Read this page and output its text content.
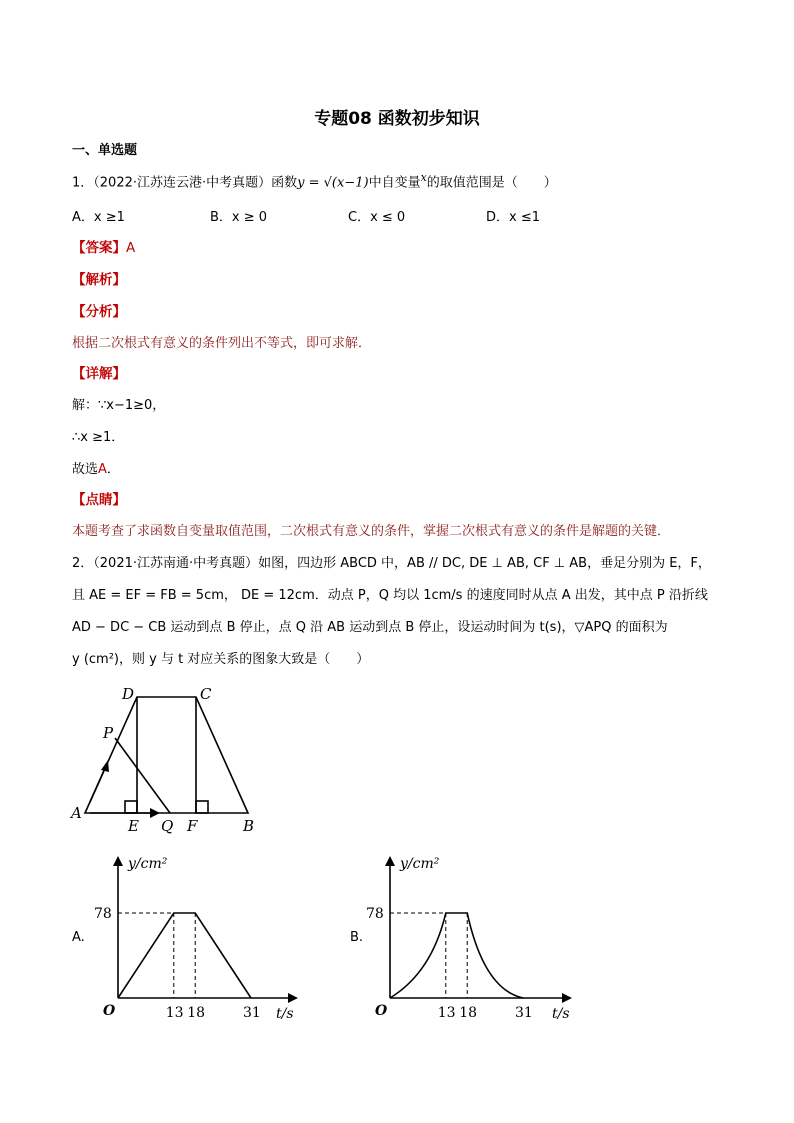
专题08 函数初步知识
一、单选题
1．（2022·江苏连云港·中考真题）函数y = √(x−1)中自变量$^x$的取值范围是（　　）
A．x ≥1	B．x ≥ 0	C．x ≤ 0	D．x ≤1
【答案】A
【解析】
【分析】
根据二次根式有意义的条件列出不等式，即可求解．
【详解】
解：∵x−1≥0，
∴x ≥1．
故选A．
【点睛】
本题考查了求函数自变量取值范围，二次根式有意义的条件，掌握二次根式有意义的条件是解题的关键．
2．（2021·江苏南通·中考真题）如图，四边形 ABCD 中，AB // DC, DE ⊥ AB, CF ⊥ AB，垂足分别为 E，F，
且 AE = EF = FB = 5cm， DE = 12cm．动点 P，Q 均以 1cm/s 的速度同时从点 A 出发，其中点 P 沿折线
AD − DC − CB 运动到点 B 停止，点 Q 沿 AB 运动到点 B 停止，设运动时间为 t(s)，▽APQ 的面积为
y (cm²)，则 y 与 t 对应关系的图象大致是（　　）
A
B
C
D
E	F
P
Q
A.
78
13 18	31
y/cm²
t/s
O
B.
78
13 18	31
y/cm²
t/s
O
